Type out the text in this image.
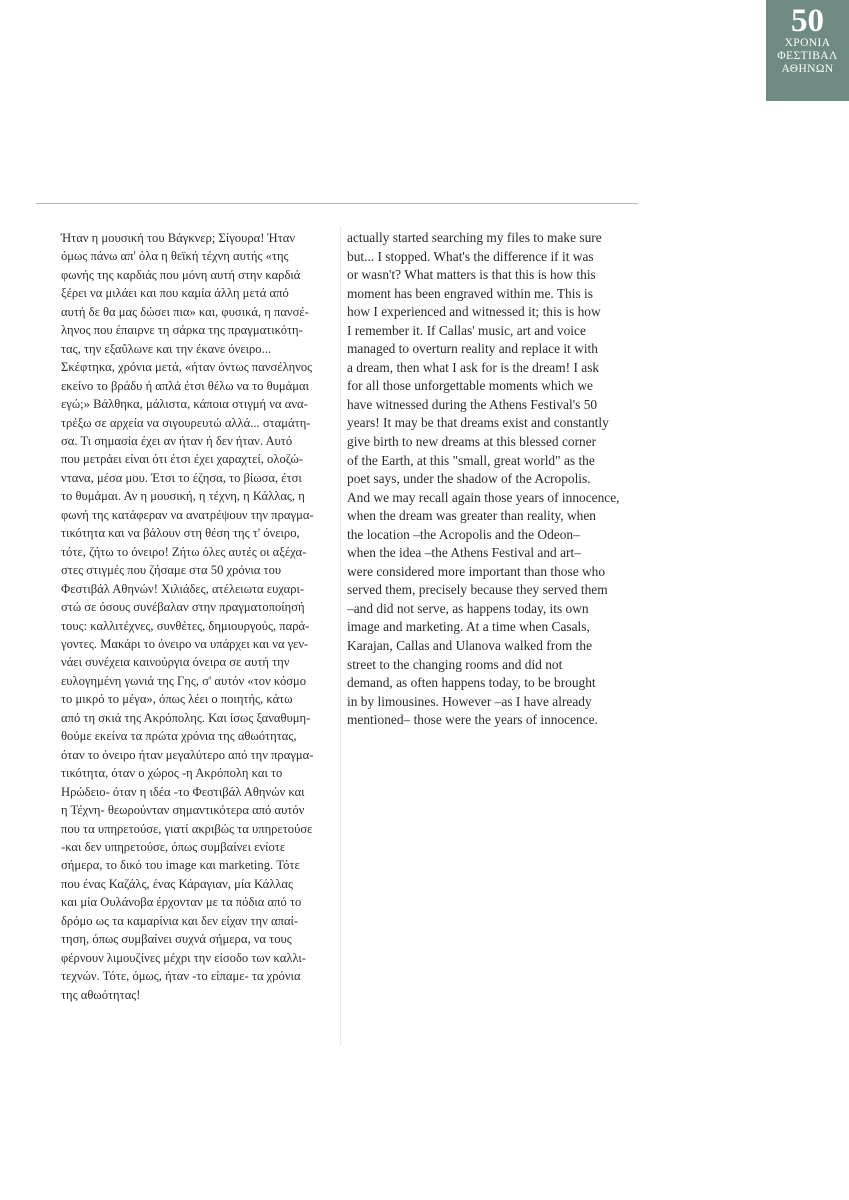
50
ΧΡΟΝΙΑ
ΦΕΣΤΙΒΑΛ
ΑΘΗΝΩΝ

Ήταν η μουσική του Βάγκνερ; Σίγουρα! Ήταν
όμως πάνω απ' όλα η θεϊκή τέχνη αυτής «της
φωνής της καρδιάς που μόνη αυτή στην καρδιά
ξέρει να μιλάει και που καμία άλλη μετά από
αυτή δε θα μας δώσει πια» και, φυσικά, η πανσέ-
ληνος που έπαιρνε τη σάρκα της πραγματικότη-
τας, την εξαΰλωνε και την έκανε όνειρο...
Σκέφτηκα, χρόνια μετά, «ήταν όντως πανσέληνος
εκείνο το βράδυ ή απλά έτσι θέλω να το θυμάμαι
εγώ;» Βάλθηκα, μάλιστα, κάποια στιγμή να ανα-
τρέξω σε αρχεία να σιγουρευτώ αλλά... σταμάτη-
σα. Τι σημασία έχει αν ήταν ή δεν ήταν. Αυτό
που μετράει είναι ότι έτσι έχει χαραχτεί, ολοζώ-
ντανα, μέσα μου. Έτσι το έζησα, το βίωσα, έτσι
το θυμάμαι. Αν η μουσική, η τέχνη, η Κάλλας, η
φωνή της κατάφεραν να ανατρέψουν την πραγμα-
τικότητα και να βάλουν στη θέση της τ' όνειρο,
τότε, ζήτω το όνειρο! Ζήτω όλες αυτές οι αξέχα-
στες στιγμές που ζήσαμε στα 50 χρόνια του
Φεστιβάλ Αθηνών! Χιλιάδες, ατέλειωτα ευχαρι-
στώ σε όσους συνέβαλαν στην πραγματοποίησή
τους: καλλιτέχνες, συνθέτες, δημιουργούς, παρά-
γοντες. Μακάρι το όνειρο να υπάρχει και να γεν-
νάει συνέχεια καινούργια όνειρα σε αυτή την
ευλογημένη γωνιά της Γης, σ' αυτόν «τον κόσμο
το μικρό το μέγα», όπως λέει ο ποιητής, κάτω
από τη σκιά της Ακρόπολης. Και ίσως ξαναθυμη-
θούμε εκείνα τα πρώτα χρόνια της αθωότητας,
όταν το όνειρο ήταν μεγαλύτερο από την πραγμα-
τικότητα, όταν ο χώρος -η Ακρόπολη και το
Ηρώδειο- όταν η ιδέα -το Φεστιβάλ Αθηνών και
η Τέχνη- θεωρούνταν σημαντικότερα από αυτόν
που τα υπηρετούσε, γιατί ακριβώς τα υπηρετούσε
-και δεν υπηρετούσε, όπως συμβαίνει ενίοτε
σήμερα, το δικό του image και marketing. Τότε
που ένας Καζάλς, ένας Κάραγιαν, μία Κάλλας
και μία Ουλάνοβα έρχονταν με τα πόδια από το
δρόμο ως τα καμαρίνια και δεν είχαν την απαί-
τηση, όπως συμβαίνει συχνά σήμερα, να τους
φέρνουν λιμουζίνες μέχρι την είσοδο των καλλι-
τεχνών. Τότε, όμως, ήταν -το είπαμε- τα χρόνια
της αθωότητας!

actually started searching my files to make sure
but... I stopped. What's the difference if it was
or wasn't? What matters is that this is how this
moment has been engraved within me. This is
how I experienced and witnessed it; this is how
I remember it. If Callas' music, art and voice
managed to overturn reality and replace it with
a dream, then what I ask for is the dream! I ask
for all those unforgettable moments which we
have witnessed during the Athens Festival's 50
years! It may be that dreams exist and constantly
give birth to new dreams at this blessed corner
of the Earth, at this "small, great world" as the
poet says, under the shadow of the Acropolis.
And we may recall again those years of innocence,
when the dream was greater than reality, when
the location –the Acropolis and the Odeon–
when the idea –the Athens Festival and art–
were considered more important than those who
served them, precisely because they served them
–and did not serve, as happens today, its own
image and marketing. At a time when Casals,
Karajan, Callas and Ulanova walked from the
street to the changing rooms and did not
demand, as often happens today, to be brought
in by limousines. However –as I have already
mentioned– those were the years of innocence.
